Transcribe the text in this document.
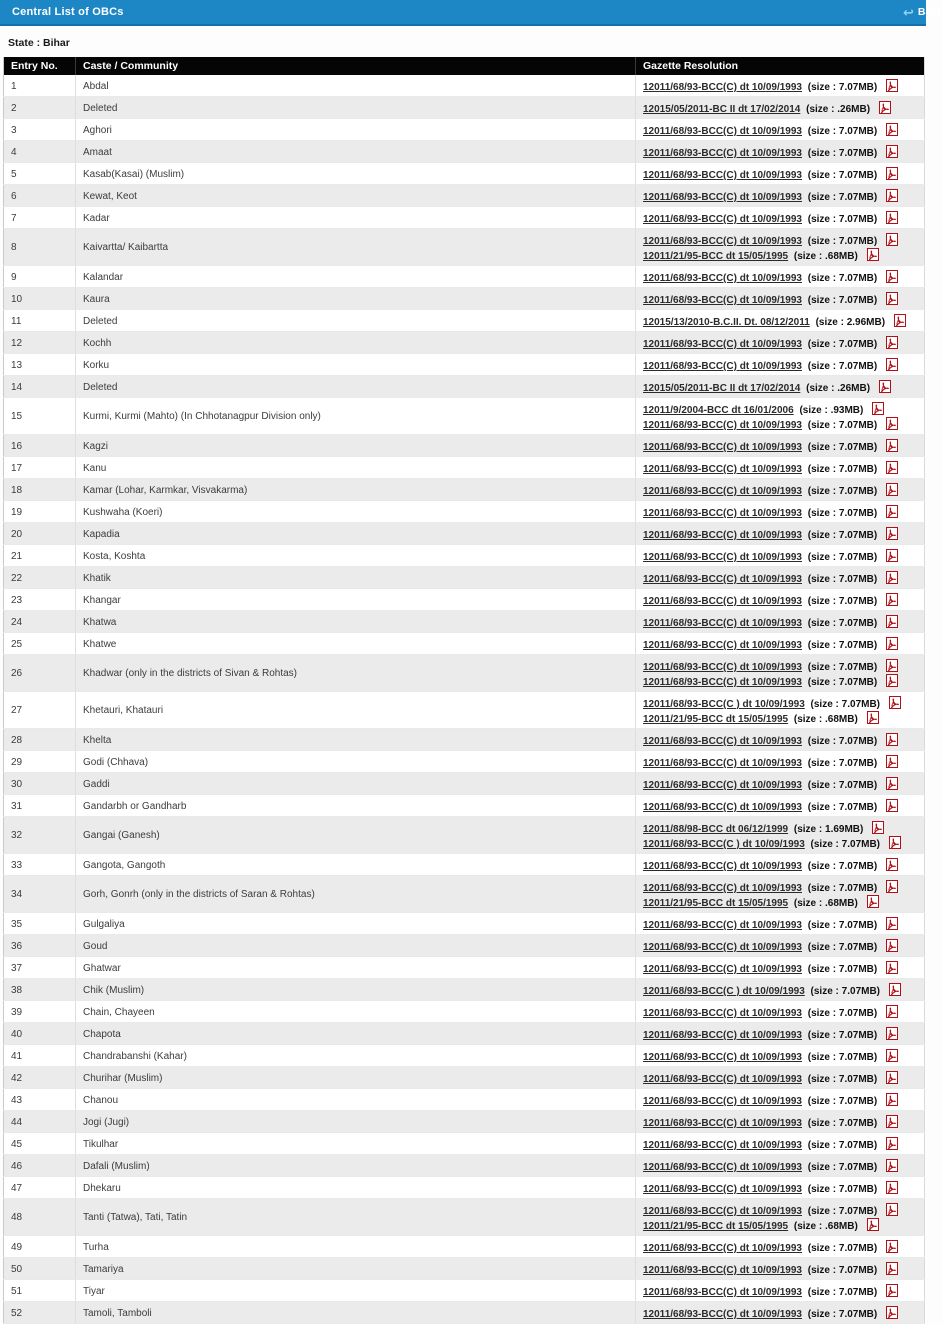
Central List of OBCs	↩ Back
State : Bihar
Entry No.	Caste / Community	Gazette Resolution
1	Abdal	12011/68/93-BCC(C) dt 10/09/1993 (size : 7.07MB)

2	Deleted	12015/05/2011-BC II dt 17/02/2014 (size : .26MB)

3	Aghori	12011/68/93-BCC(C) dt 10/09/1993 (size : 7.07MB)

4	Amaat	12011/68/93-BCC(C) dt 10/09/1993 (size : 7.07MB)

5	Kasab(Kasai) (Muslim)	12011/68/93-BCC(C) dt 10/09/1993 (size : 7.07MB)

6	Kewat, Keot	12011/68/93-BCC(C) dt 10/09/1993 (size : 7.07MB)

7	Kadar	12011/68/93-BCC(C) dt 10/09/1993 (size : 7.07MB)

8	Kaivartta/ Kaibartta	12011/68/93-BCC(C) dt 10/09/1993 (size : 7.07MB)
12011/21/95-BCC dt 15/05/1995 (size : .68MB)

9	Kalandar	12011/68/93-BCC(C) dt 10/09/1993 (size : 7.07MB)

10	Kaura	12011/68/93-BCC(C) dt 10/09/1993 (size : 7.07MB)

11	Deleted	12015/13/2010-B.C.II. Dt. 08/12/2011 (size : 2.96MB)

12	Kochh	12011/68/93-BCC(C) dt 10/09/1993 (size : 7.07MB)

13	Korku	12011/68/93-BCC(C) dt 10/09/1993 (size : 7.07MB)

14	Deleted	12015/05/2011-BC II dt 17/02/2014 (size : .26MB)

15	Kurmi, Kurmi (Mahto) (In Chhotanagpur Division only)	12011/9/2004-BCC dt 16/01/2006 (size : .93MB)
12011/68/93-BCC(C) dt 10/09/1993 (size : 7.07MB)

16	Kagzi	12011/68/93-BCC(C) dt 10/09/1993 (size : 7.07MB)

17	Kanu	12011/68/93-BCC(C) dt 10/09/1993 (size : 7.07MB)

18	Kamar (Lohar, Karmkar, Visvakarma)	12011/68/93-BCC(C) dt 10/09/1993 (size : 7.07MB)

19	Kushwaha (Koeri)	12011/68/93-BCC(C) dt 10/09/1993 (size : 7.07MB)

20	Kapadia	12011/68/93-BCC(C) dt 10/09/1993 (size : 7.07MB)

21	Kosta, Koshta	12011/68/93-BCC(C) dt 10/09/1993 (size : 7.07MB)

22	Khatik	12011/68/93-BCC(C) dt 10/09/1993 (size : 7.07MB)

23	Khangar	12011/68/93-BCC(C) dt 10/09/1993 (size : 7.07MB)

24	Khatwa	12011/68/93-BCC(C) dt 10/09/1993 (size : 7.07MB)

25	Khatwe	12011/68/93-BCC(C) dt 10/09/1993 (size : 7.07MB)

26	Khadwar (only in the districts of Sivan & Rohtas)	12011/68/93-BCC(C) dt 10/09/1993 (size : 7.07MB)
12011/68/93-BCC(C) dt 10/09/1993 (size : 7.07MB)

27	Khetauri, Khatauri	12011/68/93-BCC(C ) dt 10/09/1993 (size : 7.07MB)
12011/21/95-BCC dt 15/05/1995 (size : .68MB)

28	Khelta	12011/68/93-BCC(C) dt 10/09/1993 (size : 7.07MB)

29	Godi (Chhava)	12011/68/93-BCC(C) dt 10/09/1993 (size : 7.07MB)

30	Gaddi	12011/68/93-BCC(C) dt 10/09/1993 (size : 7.07MB)

31	Gandarbh or Gandharb	12011/68/93-BCC(C) dt 10/09/1993 (size : 7.07MB)

32	Gangai (Ganesh)	12011/88/98-BCC dt 06/12/1999 (size : 1.69MB)
12011/68/93-BCC(C ) dt 10/09/1993 (size : 7.07MB)

33	Gangota, Gangoth	12011/68/93-BCC(C) dt 10/09/1993 (size : 7.07MB)

34	Gorh, Gonrh (only in the districts of Saran & Rohtas)	12011/68/93-BCC(C) dt 10/09/1993 (size : 7.07MB)
12011/21/95-BCC dt 15/05/1995 (size : .68MB)

35	Gulgaliya	12011/68/93-BCC(C) dt 10/09/1993 (size : 7.07MB)

36	Goud	12011/68/93-BCC(C) dt 10/09/1993 (size : 7.07MB)

37	Ghatwar	12011/68/93-BCC(C) dt 10/09/1993 (size : 7.07MB)

38	Chik (Muslim)	12011/68/93-BCC(C ) dt 10/09/1993 (size : 7.07MB)

39	Chain, Chayeen	12011/68/93-BCC(C) dt 10/09/1993 (size : 7.07MB)

40	Chapota	12011/68/93-BCC(C) dt 10/09/1993 (size : 7.07MB)

41	Chandrabanshi (Kahar)	12011/68/93-BCC(C) dt 10/09/1993 (size : 7.07MB)

42	Churihar (Muslim)	12011/68/93-BCC(C) dt 10/09/1993 (size : 7.07MB)

43	Chanou	12011/68/93-BCC(C) dt 10/09/1993 (size : 7.07MB)

44	Jogi (Jugi)	12011/68/93-BCC(C) dt 10/09/1993 (size : 7.07MB)

45	Tikulhar	12011/68/93-BCC(C) dt 10/09/1993 (size : 7.07MB)

46	Dafali (Muslim)	12011/68/93-BCC(C) dt 10/09/1993 (size : 7.07MB)

47	Dhekaru	12011/68/93-BCC(C) dt 10/09/1993 (size : 7.07MB)

48	Tanti (Tatwa), Tati, Tatin	12011/68/93-BCC(C) dt 10/09/1993 (size : 7.07MB)
12011/21/95-BCC dt 15/05/1995 (size : .68MB)

49	Turha	12011/68/93-BCC(C) dt 10/09/1993 (size : 7.07MB)

50	Tamariya	12011/68/93-BCC(C) dt 10/09/1993 (size : 7.07MB)

51	Tiyar	12011/68/93-BCC(C) dt 10/09/1993 (size : 7.07MB)

52	Tamoli, Tamboli	12011/68/93-BCC(C) dt 10/09/1993 (size : 7.07MB)
